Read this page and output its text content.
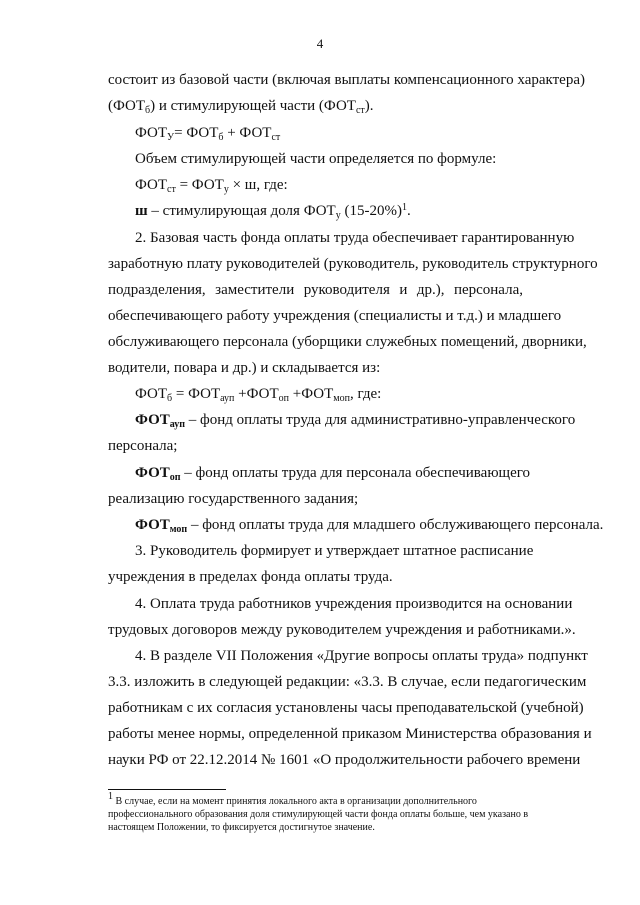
4
состоит из базовой части (включая выплаты компенсационного характера)
$(ФОТ_б)$ и стимулирующей части $(ФОТ_{ст})$.
$ФОТ_У= ФОТ_б + ФОТ_{ст}$
Объем стимулирующей части определяется по формуле:
$ФОТ_{ст} = ФОТ_у \times ш$, где:
ш – стимулирующая доля $ФОТ_у$ $(15-20\%)^1$.
2. Базовая часть фонда оплаты труда обеспечивает гарантированную
заработную плату руководителей (руководитель, руководитель структурного
подразделения, заместители руководителя и др.), персонала,
обеспечивающего работу учреждения (специалисты и т.д.) и младшего
обслуживающего персонала (уборщики служебных помещений, дворники,
водители, повара и др.) и складывается из:
$ФОТ_б = ФОТ_{ауп} +ФОТ_{оп} +ФОТ_{моп}$, где:
$ФОТ_{ауп}$ – фонд оплаты труда для административно-управленческого
персонала;
$ФОТ_{оп}$ – фонд оплаты труда для персонала обеспечивающего
реализацию государственного задания;
$ФОТ_{моп}$ – фонд оплаты труда для младшего обслуживающего персонала.
3. Руководитель формирует и утверждает штатное расписание
учреждения в пределах фонда оплаты труда.
4. Оплата труда работников учреждения производится на основании
трудовых договоров между руководителем учреждения и работниками.».
4. В разделе VII Положения «Другие вопросы оплаты труда» подпункт
3.3. изложить в следующей редакции: «3.3. В случае, если педагогическим
работникам с их согласия установлены часы преподавательской (учебной)
работы менее нормы, определенной приказом Министерства образования и
науки РФ от 22.12.2014 № 1601 «О продолжительности рабочего времени
$^1$ В случае, если на момент принятия локального акта в организации дополнительного
профессионального образования доля стимулирующей части фонда оплаты больше, чем указано в
настоящем Положении, то фиксируется достигнутое значение.
